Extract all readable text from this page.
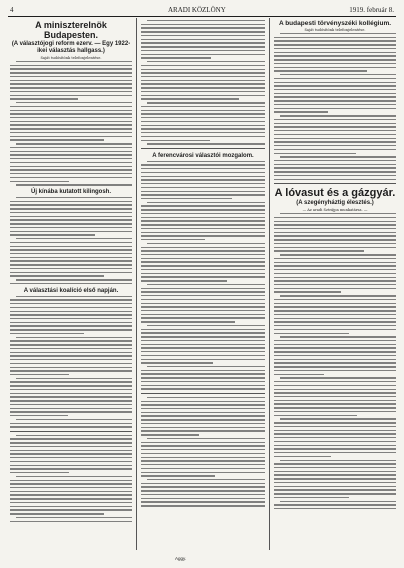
4	ARADI KÖZLÖNY	1919. február 8.
A miniszterelnök Budapesten.
(A választójogi reform ezerv. — Egy 1922-ikei választás hallgass.)
Saját tudósítónk telefonjelentése.
Új kínába kutatott kilingosh.
A választási koalíció első napján.
A ferencvárosi választói mozgalom.
A budapesti törvényszéki kollégium.
Saját tudósítónk telefonjelentése.
A lóvasut és a gázgyár.
(A szegényháztig élesztés.)
— Az aradi Sztrájpa munkatársa. —
Aggy.
